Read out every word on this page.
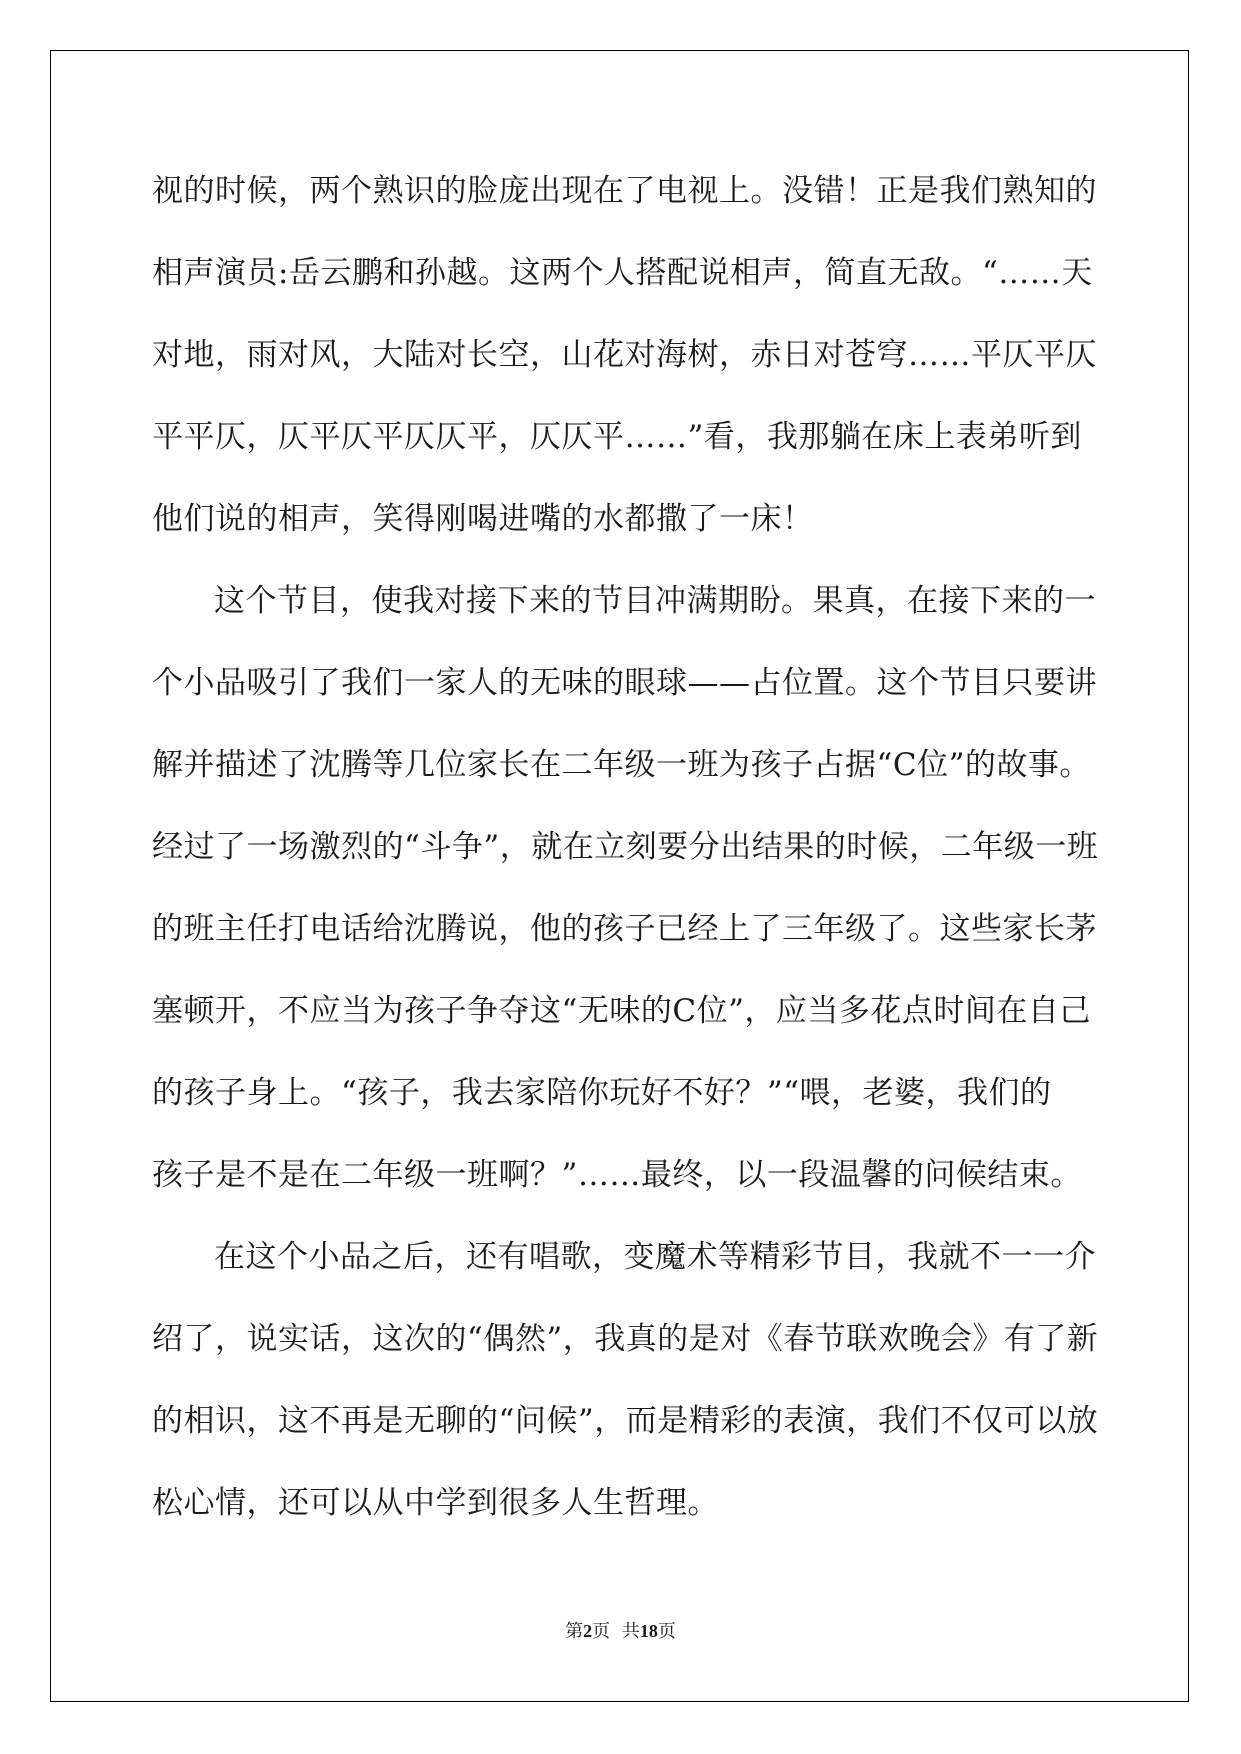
视的时候，两个熟识的脸庞出现在了电视上。没错！正是我们熟知的
相声演员:岳云鹏和孙越。这两个人搭配说相声，简直无敌。“……天
对地，雨对风，大陆对长空，山花对海树，赤日对苍穹……平仄平仄
平平仄，仄平仄平仄仄平，仄仄平……”看，我那躺在床上表弟听到
他们说的相声，笑得刚喝进嘴的水都撒了一床！
这个节目，使我对接下来的节目冲满期盼。果真，在接下来的一
个小品吸引了我们一家人的无味的眼球——占位置。这个节目只要讲
解并描述了沈腾等几位家长在二年级一班为孩子占据“C位”的故事。
经过了一场激烈的“斗争”，就在立刻要分出结果的时候，二年级一班
的班主任打电话给沈腾说，他的孩子已经上了三年级了。这些家长茅
塞顿开，不应当为孩子争夺这“无味的C位”，应当多花点时间在自己
的孩子身上。“孩子，我去家陪你玩好不好？”“喂，老婆，我们的
孩子是不是在二年级一班啊？”……最终，以一段温馨的问候结束。
在这个小品之后，还有唱歌，变魔术等精彩节目，我就不一一介
绍了，说实话，这次的“偶然”，我真的是对《春节联欢晚会》有了新
的相识，这不再是无聊的“问候”，而是精彩的表演，我们不仅可以放
松心情，还可以从中学到很多人生哲理。
第2页 共18页
